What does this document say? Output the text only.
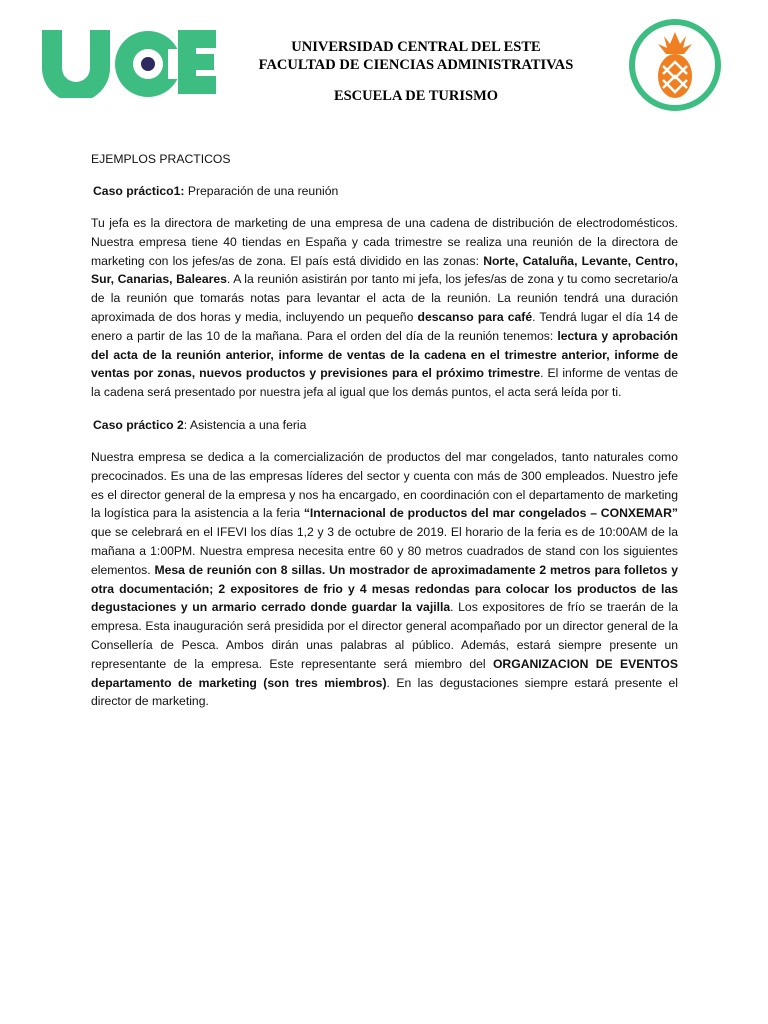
UNIVERSIDAD CENTRAL DEL ESTE
FACULTAD DE CIENCIAS ADMINISTRATIVAS
ESCUELA DE TURISMO

EJEMPLOS PRACTICOS

Caso práctico1: Preparación de una reunión

Tu jefa es la directora de marketing de una empresa de una cadena de distribución de electrodomésticos. Nuestra empresa tiene 40 tiendas en España y cada trimestre se realiza una reunión de la directora de marketing con los jefes/as de zona. El país está dividido en las zonas: Norte, Cataluña, Levante, Centro, Sur, Canarias, Baleares. A la reunión asistirán por tanto mi jefa, los jefes/as de zona y tu como secretario/a de la reunión que tomarás notas para levantar el acta de la reunión. La reunión tendrá una duración aproximada de dos horas y media, incluyendo un pequeño descanso para café. Tendrá lugar el día 14 de enero a partir de las 10 de la mañana. Para el orden del día de la reunión tenemos: lectura y aprobación del acta de la reunión anterior, informe de ventas de la cadena en el trimestre anterior, informe de ventas por zonas, nuevos productos y previsiones para el próximo trimestre. El informe de ventas de la cadena será presentado por nuestra jefa al igual que los demás puntos, el acta será leída por ti.

Caso práctico 2: Asistencia a una feria

Nuestra empresa se dedica a la comercialización de productos del mar congelados, tanto naturales como precocinados. Es una de las empresas líderes del sector y cuenta con más de 300 empleados. Nuestro jefe es el director general de la empresa y nos ha encargado, en coordinación con el departamento de marketing la logística para la asistencia a la feria “Internacional de productos del mar congelados – CONXEMAR” que se celebrará en el IFEVI los días 1,2 y 3 de octubre de 2019. El horario de la feria es de 10:00AM de la mañana a 1:00PM. Nuestra empresa necesita entre 60 y 80 metros cuadrados de stand con los siguientes elementos. Mesa de reunión con 8 sillas. Un mostrador de aproximadamente 2 metros para folletos y otra documentación; 2 expositores de frio y 4 mesas redondas para colocar los productos de las degustaciones y un armario cerrado donde guardar la vajilla. Los expositores de frío se traerán de la empresa. Esta inauguración será presidida por el director general acompañado por un director general de la Consellería de Pesca. Ambos dirán unas palabras al público. Además, estará siempre presente un representante de la empresa. Este representante será miembro del ORGANIZACION DE EVENTOS departamento de marketing (son tres miembros). En las degustaciones siempre estará presente el director de marketing.
